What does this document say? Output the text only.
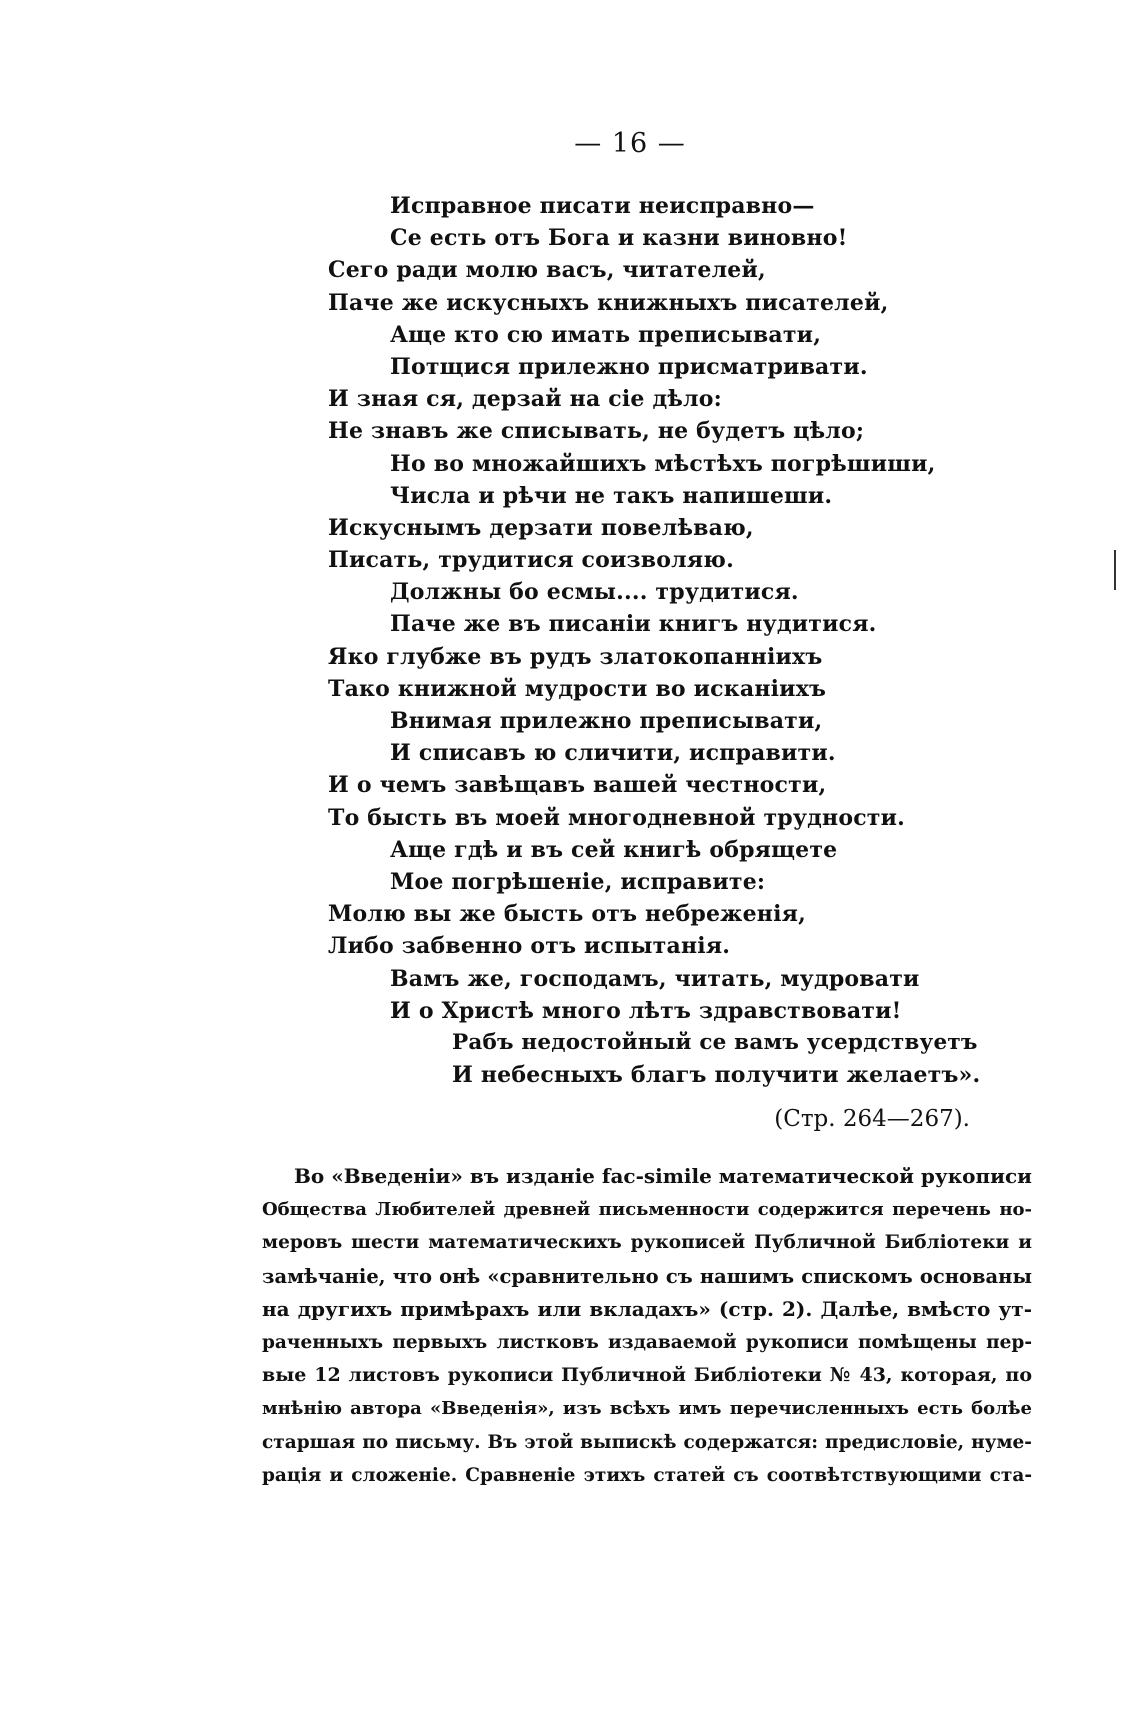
— 16 —
Исправное писати неисправно—
Се есть отъ Бога и казни виновно!
Сего ради молю васъ, читателей,
Паче же искусныхъ книжныхъ писателей,
Аще кто сю имать преписывати,
Потщися прилежно присматривати.
И зная ся, дерзай на сіе дѣло:
Не знавъ же списывать, не будетъ цѣло;
Но во множайшихъ мѣстѣхъ погрѣшиши,
Числа и рѣчи не такъ напишеши.
Искуснымъ дерзати повелѣваю,
Писать, трудитися соизволяю.
Должны бо есмы.... трудитися.
Паче же въ писаніи книгъ нудитися.
Яко глубже въ рудъ златокопанніихъ
Тако книжной мудрости во исканіихъ
Внимая прилежно преписывати,
И списавъ ю сличити, исправити.
И о чемъ завѣщавъ вашей честности,
То бысть въ моей многодневной трудности.
Аще гдѣ и въ сей книгѣ обрящете
Мое погрѣшеніе, исправите:
Молю вы же бысть отъ небреженія,
Либо забвенно отъ испытанія.
Вамъ же, господамъ, читать, мудровати
И о Христѣ много лѣтъ здравствовати!
Рабъ недостойный се вамъ усердствуетъ
И небесныхъ благъ получити желаетъ».
(Стр. 264—267).
Во «Введеніи» въ изданіе fac-simile математической рукописи
Общества Любителей древней письменности содержится перечень но-
меровъ шести математическихъ рукописей Публичной Библіотеки и
замѣчаніе, что онѣ «сравнительно съ нашимъ спискомъ основаны
на другихъ примѣрахъ или вкладахъ» (стр. 2). Далѣе, вмѣсто ут-
раченныхъ первыхъ листковъ издаваемой рукописи помѣщены пер-
вые 12 листовъ рукописи Публичной Библіотеки № 43, которая, по
мнѣнію автора «Введенія», изъ всѣхъ имъ перечисленныхъ есть болѣе
старшая по письму. Въ этой выпискѣ содержатся: предисловіе, нуме-
рація и сложеніе. Сравненіе этихъ статей съ соотвѣтствующими ста-
